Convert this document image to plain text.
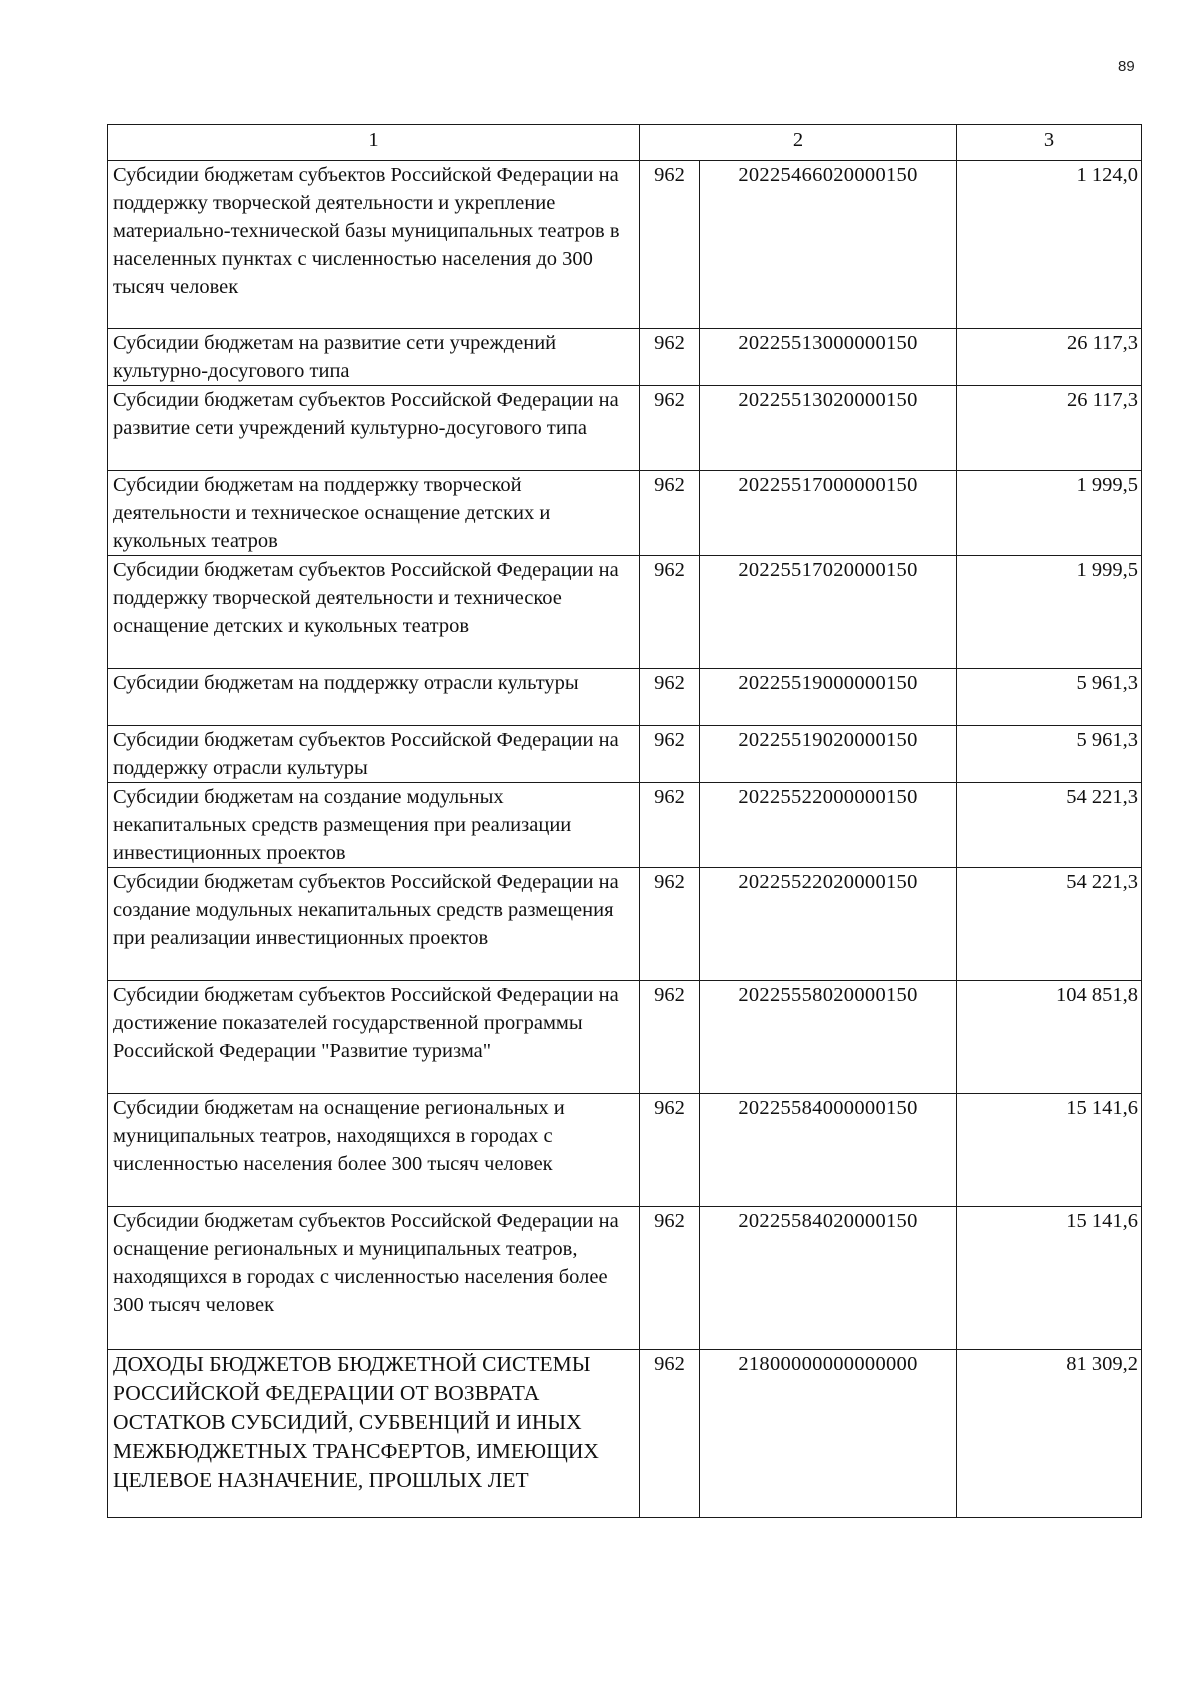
89
1	2		3
Субсидии бюджетам субъектов Российской Федерации на поддержку творческой деятельности и укрепление материально-технической базы муниципальных театров в населенных пунктах с численностью населения до 300 тысяч человек	962	20225466020000150	1 124,0
Субсидии бюджетам на развитие сети учреждений культурно-досугового типа	962	20225513000000150	26 117,3
Субсидии бюджетам субъектов Российской Федерации на развитие сети учреждений культурно-досугового типа	962	20225513020000150	26 117,3
Субсидии бюджетам на поддержку творческой деятельности и техническое оснащение детских и кукольных театров	962	20225517000000150	1 999,5
Субсидии бюджетам субъектов Российской Федерации на поддержку творческой деятельности и техническое оснащение детских и кукольных театров	962	20225517020000150	1 999,5
Субсидии бюджетам на поддержку отрасли культуры	962	20225519000000150	5 961,3
Субсидии бюджетам субъектов Российской Федерации на поддержку отрасли культуры	962	20225519020000150	5 961,3
Субсидии бюджетам на создание модульных некапитальных средств размещения при реализации инвестиционных проектов	962	20225522000000150	54 221,3
Субсидии бюджетам субъектов Российской Федерации на создание модульных некапитальных средств размещения при реализации инвестиционных проектов	962	20225522020000150	54 221,3
Субсидии бюджетам субъектов Российской Федерации на достижение показателей государственной программы Российской Федерации "Развитие туризма"	962	20225558020000150	104 851,8
Субсидии бюджетам на оснащение региональных и муниципальных театров, находящихся в городах с численностью населения более 300 тысяч человек	962	20225584000000150	15 141,6
Субсидии бюджетам субъектов Российской Федерации на оснащение региональных и муниципальных театров, находящихся в городах с численностью населения более 300 тысяч человек	962	20225584020000150	15 141,6
ДОХОДЫ БЮДЖЕТОВ БЮДЖЕТНОЙ СИСТЕМЫ РОССИЙСКОЙ ФЕДЕРАЦИИ ОТ ВОЗВРАТА ОСТАТКОВ СУБСИДИЙ, СУБВЕНЦИЙ И ИНЫХ МЕЖБЮДЖЕТНЫХ ТРАНСФЕРТОВ, ИМЕЮЩИХ ЦЕЛЕВОЕ НАЗНАЧЕНИЕ, ПРОШЛЫХ ЛЕТ	962	21800000000000000	81 309,2
